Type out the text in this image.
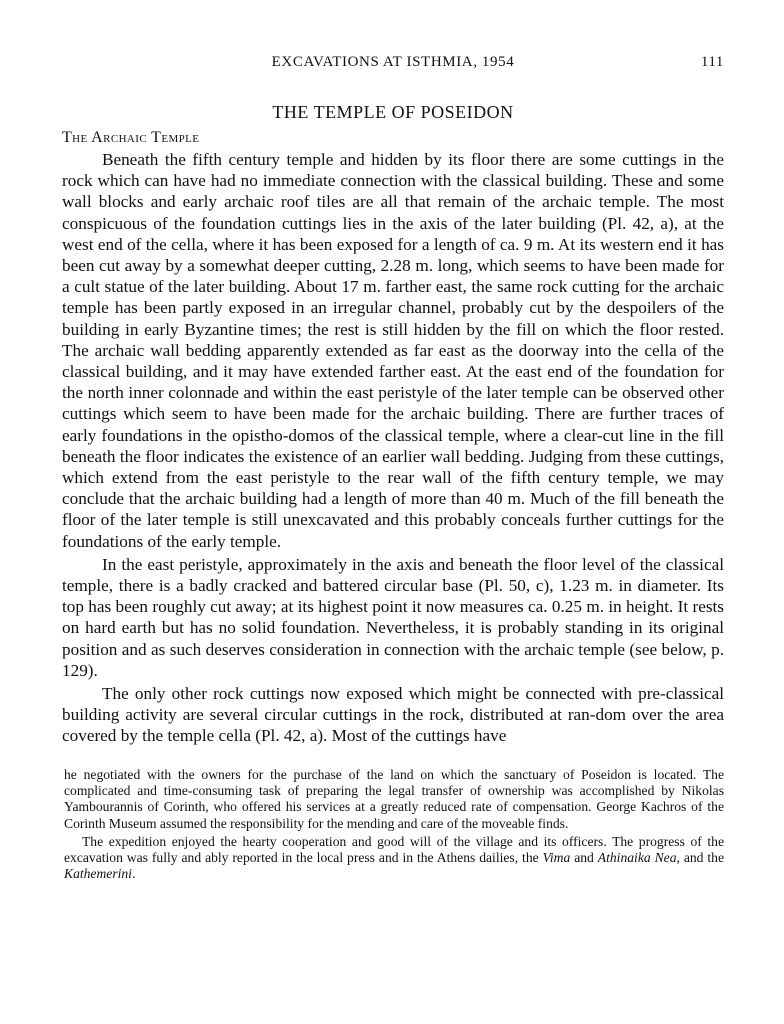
EXCAVATIONS AT ISTHMIA, 1954	111
THE TEMPLE OF POSEIDON
The Archaic Temple

Beneath the fifth century temple and hidden by its floor there are some cuttings in the rock which can have had no immediate connection with the classical building. These and some wall blocks and early archaic roof tiles are all that remain of the archaic temple. The most conspicuous of the foundation cuttings lies in the axis of the later building (Pl. 42, a), at the west end of the cella, where it has been exposed for a length of ca. 9 m. At its western end it has been cut away by a somewhat deeper cutting, 2.28 m. long, which seems to have been made for a cult statue of the later building. About 17 m. farther east, the same rock cutting for the archaic temple has been partly exposed in an irregular channel, probably cut by the despoilers of the building in early Byzantine times; the rest is still hidden by the fill on which the floor rested. The archaic wall bedding apparently extended as far east as the doorway into the cella of the classical building, and it may have extended farther east. At the east end of the foundation for the north inner colonnade and within the east peristyle of the later temple can be observed other cuttings which seem to have been made for the archaic building. There are further traces of early foundations in the opistho-domos of the classical temple, where a clear-cut line in the fill beneath the floor indicates the existence of an earlier wall bedding. Judging from these cuttings, which extend from the east peristyle to the rear wall of the fifth century temple, we may conclude that the archaic building had a length of more than 40 m. Much of the fill beneath the floor of the later temple is still unexcavated and this probably conceals further cuttings for the foundations of the early temple.

In the east peristyle, approximately in the axis and beneath the floor level of the classical temple, there is a badly cracked and battered circular base (Pl. 50, c), 1.23 m. in diameter. Its top has been roughly cut away; at its highest point it now measures ca. 0.25 m. in height. It rests on hard earth but has no solid foundation. Nevertheless, it is probably standing in its original position and as such deserves consideration in connection with the archaic temple (see below, p. 129).

The only other rock cuttings now exposed which might be connected with pre-classical building activity are several circular cuttings in the rock, distributed at ran-dom over the area covered by the temple cella (Pl. 42, a). Most of the cuttings have

he negotiated with the owners for the purchase of the land on which the sanctuary of Poseidon is located. The complicated and time-consuming task of preparing the legal transfer of ownership was accomplished by Nikolas Yambourannis of Corinth, who offered his services at a greatly reduced rate of compensation. George Kachros of the Corinth Museum assumed the responsibility for the mending and care of the moveable finds.

The expedition enjoyed the hearty cooperation and good will of the village and its officers. The progress of the excavation was fully and ably reported in the local press and in the Athens dailies, the Vima and Athinaika Nea, and the Kathemerini.
